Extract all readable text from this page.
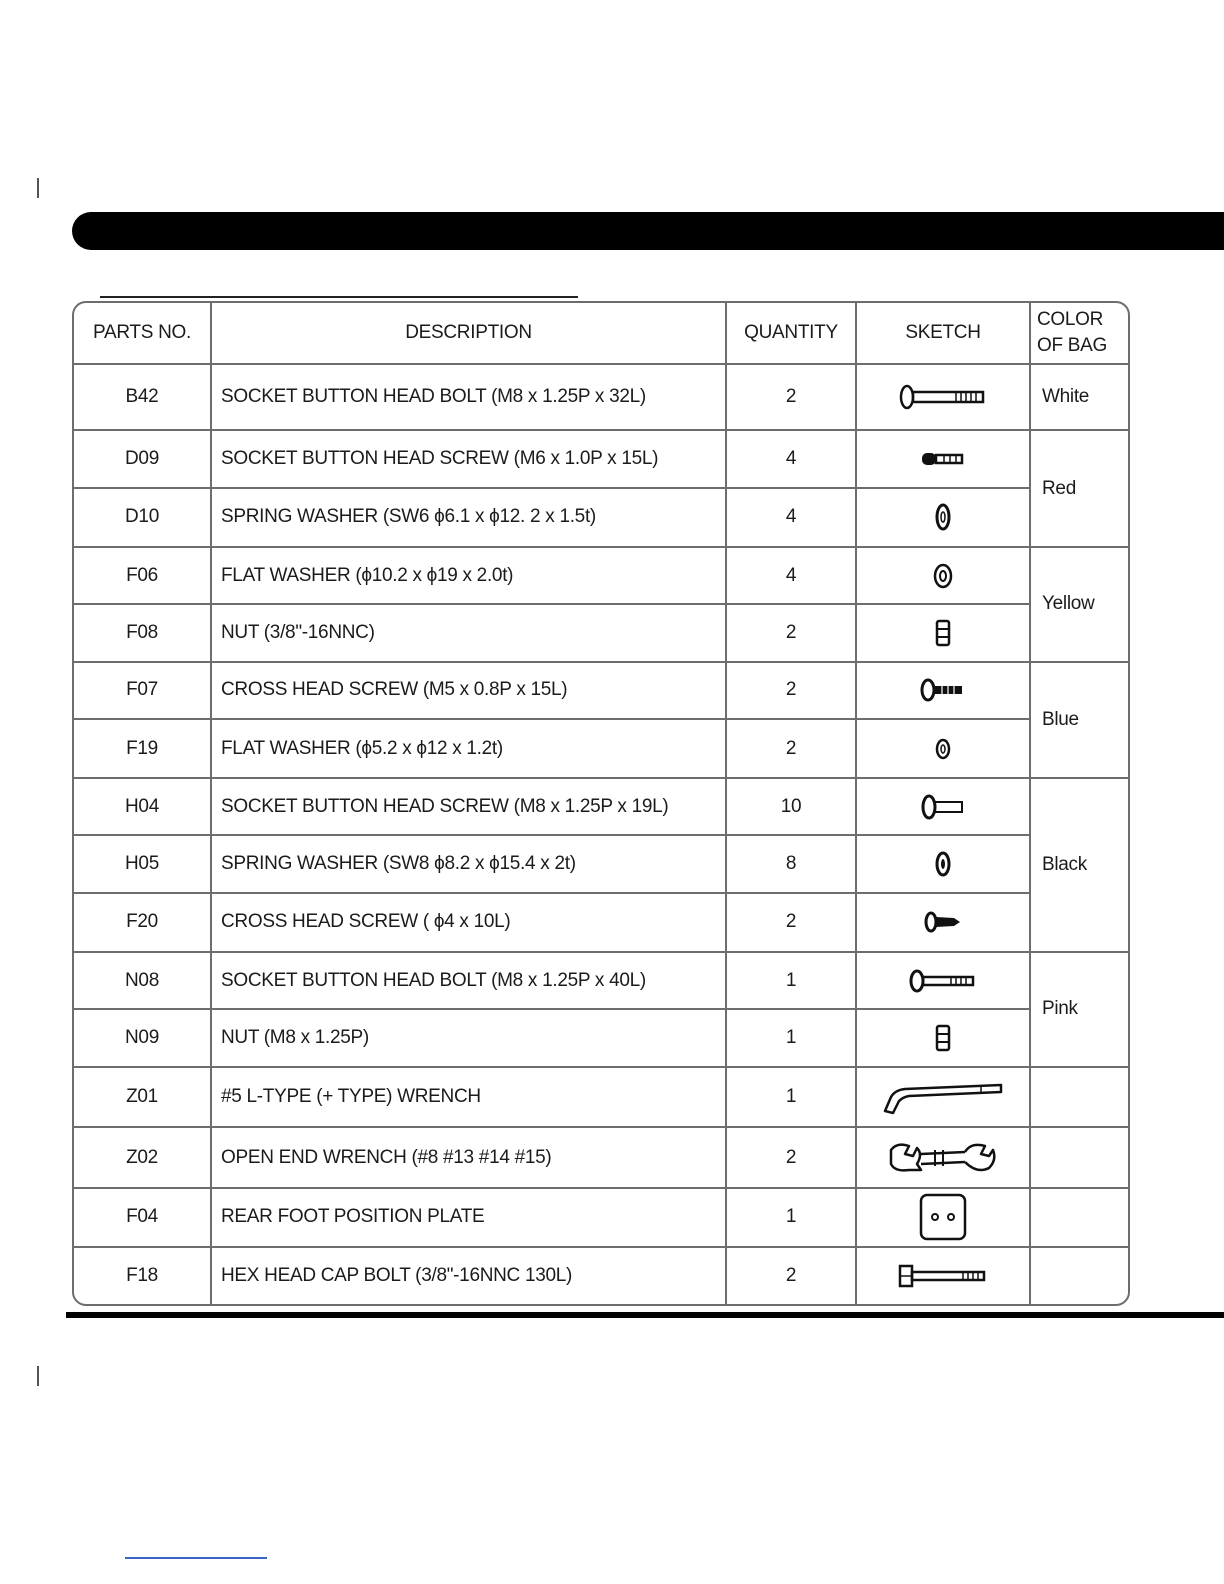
PARTS NO.	DESCRIPTION	QUANTITY	SKETCH	COLOR
OF BAG
B42	SOCKET BUTTON HEAD BOLT (M8 x 1.25P x 32L)	2		White
D09	SOCKET BUTTON HEAD SCREW (M6 x 1.0P x 15L)	4		Red
D10	SPRING WASHER (SW6 ϕ6.1 x ϕ12. 2 x 1.5t)	4	
F06	FLAT WASHER (ϕ10.2 x ϕ19 x 2.0t)	4		Yellow
F08	NUT (3/8"-16NNC)	2	
F07	CROSS HEAD SCREW (M5 x 0.8P x 15L)	2		Blue
F19	FLAT WASHER (ϕ5.2 x ϕ12 x 1.2t)	2	
H04	SOCKET BUTTON HEAD SCREW (M8 x 1.25P x 19L)	10		Black
H05	SPRING WASHER (SW8 ϕ8.2 x ϕ15.4 x 2t)	8	
F20	CROSS HEAD SCREW ( ϕ4 x 10L)	2	
N08	SOCKET BUTTON HEAD BOLT (M8 x 1.25P x 40L)	1		Pink
N09	NUT (M8 x 1.25P)	1	
Z01	#5 L-TYPE (+ TYPE) WRENCH	1		
Z02	OPEN END WRENCH (#8 #13 #14 #15)	2		
F04	REAR FOOT POSITION PLATE	1		
F18	HEX HEAD CAP BOLT (3/8"-16NNC 130L)	2		
